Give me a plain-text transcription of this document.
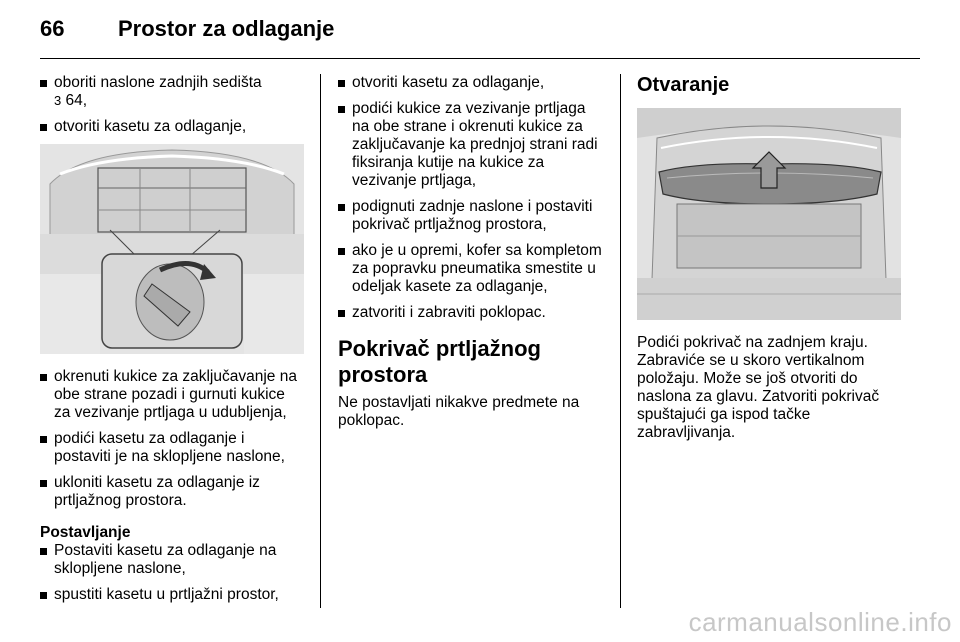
66 Prostor za odlaganje
oboriti naslone zadnjih sedišta
3 64,
otvoriti kasetu za odlaganje,
okrenuti kukice za zaključavanje na obe strane pozadi i gurnuti kukice za vezivanje prtljaga u udubljenja,
podići kasetu za odlaganje i postaviti je na sklopljene naslone,
ukloniti kasetu za odlaganje iz prtljažnog prostora.
Postavljanje
Postaviti kasetu za odlaganje na sklopljene naslone,
spustiti kasetu u prtljažni prostor,
otvoriti kasetu za odlaganje,
podići kukice za vezivanje prtljaga na obe strane i okrenuti kukice za zaključavanje ka prednjoj strani radi fiksiranja kutije na kukice za vezivanje prtljaga,
podignuti zadnje naslone i postaviti pokrivač prtljažnog prostora,
ako je u opremi, kofer sa kompletom za popravku pneumatika smestite u odeljak kasete za odlaganje,
zatvoriti i zabraviti poklopac.
Pokrivač prtljažnog prostora

Ne postavljati nikakve predmete na poklopac.

Otvaranje

Podići pokrivač na zadnjem kraju. Zabraviće se u skoro vertikalnom položaju. Može se još otvoriti do naslona za glavu. Zatvoriti pokrivač spuštajući ga ispod tačke zabravljivanja.

carmanualsonline.info
